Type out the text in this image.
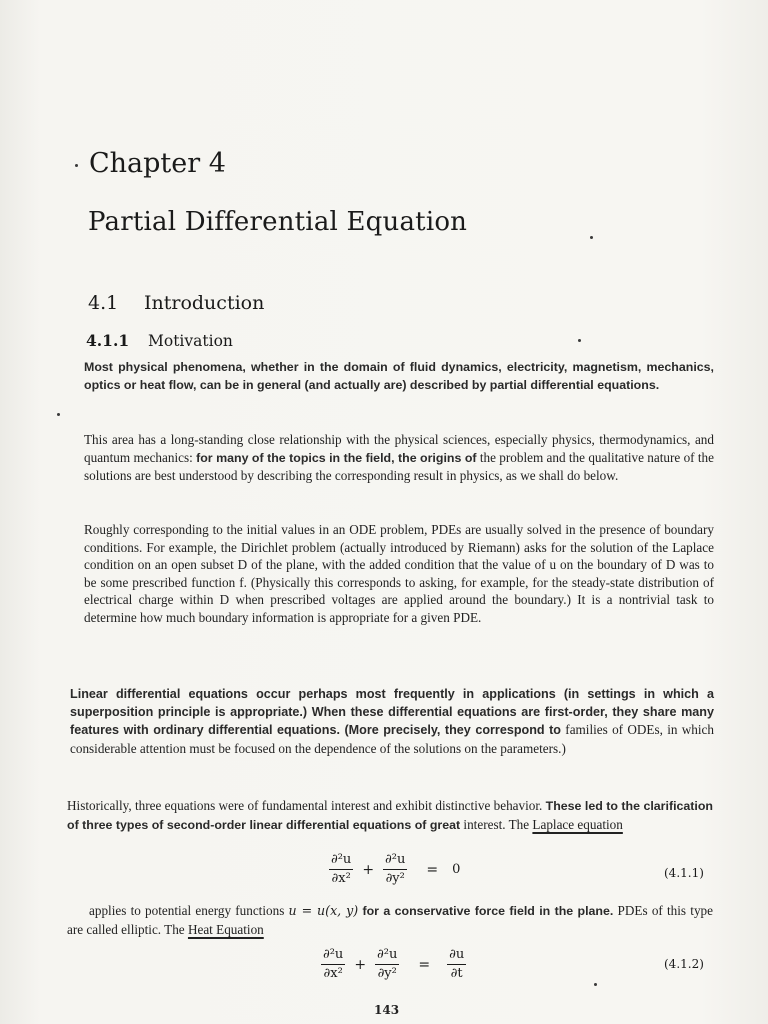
Chapter 4
Partial Differential Equation
4.1 Introduction
4.1.1 Motivation
Most physical phenomena, whether in the domain of fluid dynamics, electricity, magnetism, mechanics, optics or heat flow, can be in general (and actually are) described by partial differential equations.
This area has a long-standing close relationship with the physical sciences, especially physics, thermodynamics, and quantum mechanics: for many of the topics in the field, the origins of the problem and the qualitative nature of the solutions are best understood by describing the corresponding result in physics, as we shall do below.
Roughly corresponding to the initial values in an ODE problem, PDEs are usually solved in the presence of boundary conditions. For example, the Dirichlet problem (actually introduced by Riemann) asks for the solution of the Laplace condition on an open subset D of the plane, with the added condition that the value of u on the boundary of D was to be some prescribed function f. (Physically this corresponds to asking, for example, for the steady-state distribution of electrical charge within D when prescribed voltages are applied around the boundary.) It is a nontrivial task to determine how much boundary information is appropriate for a given PDE.
Linear differential equations occur perhaps most frequently in applications (in settings in which a superposition principle is appropriate.) When these differential equations are first-order, they share many features with ordinary differential equations. (More precisely, they correspond to families of ODEs, in which considerable attention must be focused on the dependence of the solutions on the parameters.)
Historically, three equations were of fundamental interest and exhibit distinctive behavior. These led to the clarification of three types of second-order linear differential equations of great interest. The Laplace equation
$\frac{\text{∂²u}}{\text{∂x²}} + \frac{\text{∂²u}}{\text{∂y²}} = 0$	(4.1.1)
applies to potential energy functions u = u(x, y) for a conservative force field in the plane. PDEs of this type are called elliptic. The Heat Equation
$\frac{\text{∂²u}}{\text{∂x²}} + \frac{\text{∂²u}}{\text{∂y²}} = \frac{\partial u}{\partial t}$	(4.1.2)
143
